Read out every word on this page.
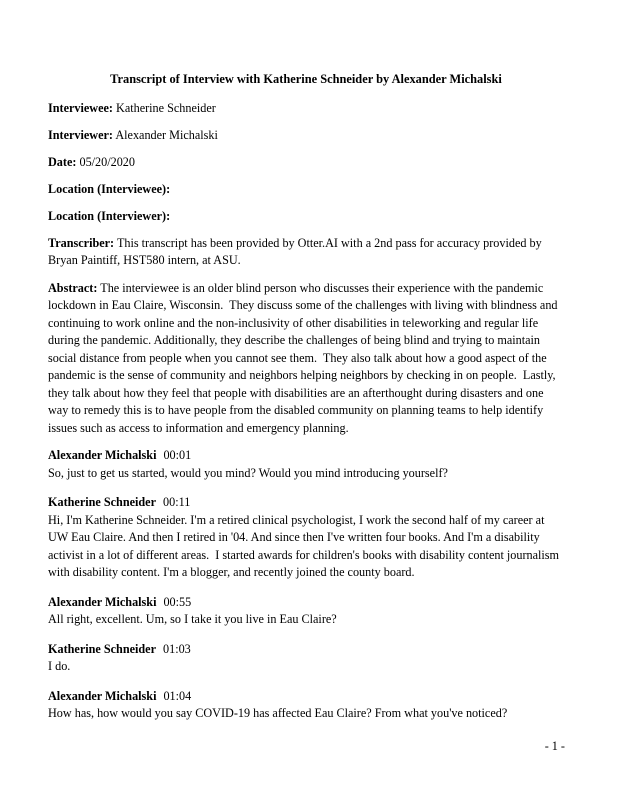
Transcript of Interview with Katherine Schneider by Alexander Michalski

Interviewee: Katherine Schneider

Interviewer: Alexander Michalski

Date: 05/20/2020

Location (Interviewee):

Location (Interviewer):

Transcriber: This transcript has been provided by Otter.AI with a 2nd pass for accuracy provided by Bryan Paintiff, HST580 intern, at ASU.

Abstract: The interviewee is an older blind person who discusses their experience with the pandemic lockdown in Eau Claire, Wisconsin.  They discuss some of the challenges with living with blindness and continuing to work online and the non-inclusivity of other disabilities in teleworking and regular life during the pandemic. Additionally, they describe the challenges of being blind and trying to maintain social distance from people when you cannot see them.  They also talk about how a good aspect of the pandemic is the sense of community and neighbors helping neighbors by checking in on people.  Lastly, they talk about how they feel that people with disabilities are an afterthought during disasters and one way to remedy this is to have people from the disabled community on planning teams to help identify issues such as access to information and emergency planning.

Alexander Michalski 00:01
So, just to get us started, would you mind? Would you mind introducing yourself?
Katherine Schneider 00:11
Hi, I'm Katherine Schneider. I'm a retired clinical psychologist, I work the second half of my career at UW Eau Claire. And then I retired in '04. And since then I've written four books. And I'm a disability activist in a lot of different areas.  I started awards for children's books with disability content journalism with disability content. I'm a blogger, and recently joined the county board.
Alexander Michalski 00:55
All right, excellent. Um, so I take it you live in Eau Claire?
Katherine Schneider 01:03
I do.
Alexander Michalski 01:04
How has, how would you say COVID-19 has affected Eau Claire? From what you've noticed?
- 1 -
